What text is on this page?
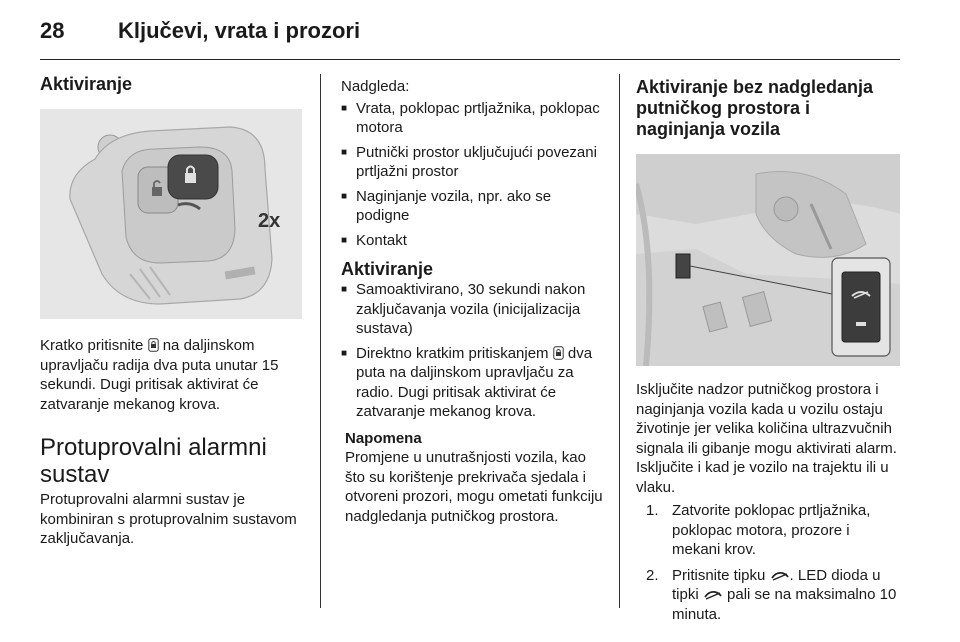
28	Ključevi, vrata i prozori
Aktiviranje
2x

Kratko pritisnite na daljinskom upravljaču radija dva puta unutar 15 sekundi. Dugi pritisak aktivirat će zatvaranje mekanog krova.

Protuprovalni alarmni sustav

Protuprovalni alarmni sustav je kombiniran s protuprovalnim sustavom zaključavanja.

Nadgleda:

■ Vrata, poklopac prtljažnika, poklopac motora
■ Putnički prostor uključujući povezani prtljažni prostor
■ Naginjanje vozila, npr. ako se podigne
■ Kontakt
Aktiviranje
■ Samoaktivirano, 30 sekundi nakon zaključavanja vozila (inicijalizacija sustava)
■ Direktno kratkim pritiskanjem dva puta na daljinskom upravljaču za radio. Dugi pritisak aktivirat će zatvaranje mekanog krova.
Napomena

Promjene u unutrašnjosti vozila, kao što su korištenje prekrivača sjedala i otvoreni prozori, mogu ometati funkciju nadgledanja putničkog prostora.

Aktiviranje bez nadgledanja putničkog prostora i naginjanja vozila

Isključite nadzor putničkog prostora i naginjanja vozila kada u vozilu ostaju životinje jer velika količina ultrazvučnih signala ili gibanje mogu aktivirati alarm. Isključite i kad je vozilo na trajektu ili u vlaku.

1. Zatvorite poklopac prtljažnika, poklopac motora, prozore i mekani krov.
2. Pritisnite tipku . LED dioda u tipki pali se na maksimalno 10 minuta.
